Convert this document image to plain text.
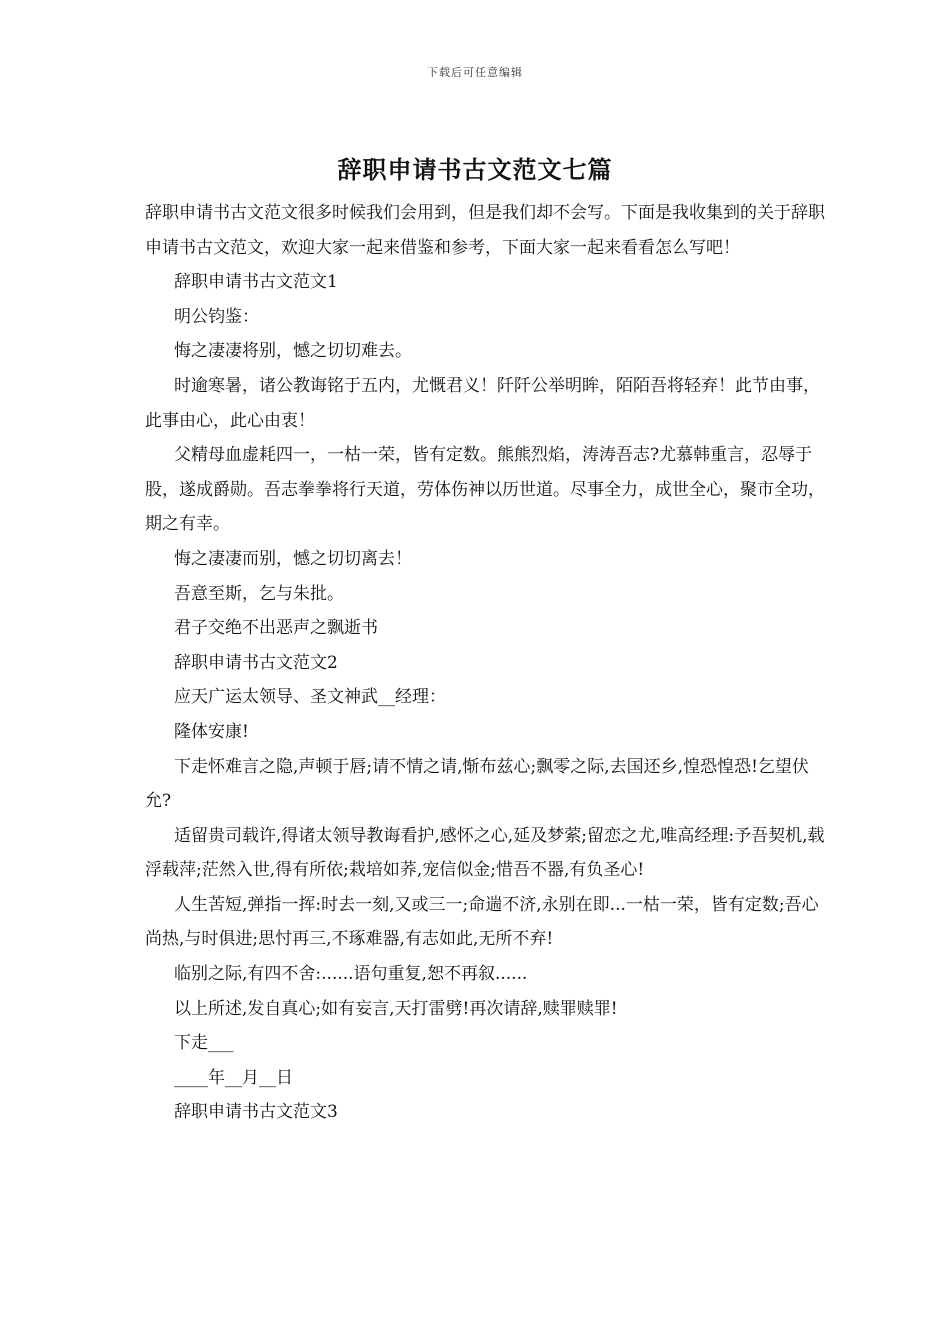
下载后可任意编辑
辞职申请书古文范文七篇

辞职申请书古文范文很多时候我们会用到，但是我们却不会写。下面是我收集到的关于辞职申请书古文范文，欢迎大家一起来借鉴和参考，下面大家一起来看看怎么写吧！

辞职申请书古文范文1

明公钧鉴：

悔之凄凄将别，憾之切切难去。

时逾寒暑，诸公教诲铭于五内，尤慨君义！阡阡公举明眸，陌陌吾将轻弃！此节由事，此事由心，此心由衷！

父精母血虚耗四一，一枯一荣，皆有定数。熊熊烈焰，涛涛吾志?尤慕韩重言，忍辱于股，遂成爵勋。吾志拳拳将行天道，劳体伤神以历世道。尽事全力，成世全心，聚市全功，期之有幸。

悔之凄凄而别，憾之切切离去！

吾意至斯，乞与朱批。

君子交绝不出恶声之飘逝书

辞职申请书古文范文2

应天广运太领导、圣文神武__经理：

隆体安康!

下走怀难言之隐,声顿于唇;请不情之请,惭布兹心;飘零之际,去国还乡,惶恐惶恐!乞望伏允?

适留贵司载许,得诸太领导教诲看护,感怀之心,延及梦萦;留恋之尤,唯高经理:予吾契机,载浮载萍;茫然入世,得有所依;栽培如荞,宠信似金;惜吾不器,有负圣心!

人生苦短,弹指一挥:时去一刻,又或三一;命遄不济,永别在即...一枯一荣，皆有定数;吾心尚热,与时俱进;思忖再三,不琢难器,有志如此,无所不弃!

临别之际,有四不舍:......语句重复,恕不再叙......

以上所述,发自真心;如有妄言,天打雷劈!再次请辞,赎罪赎罪!

下走___

____年__月__日

辞职申请书古文范文3
